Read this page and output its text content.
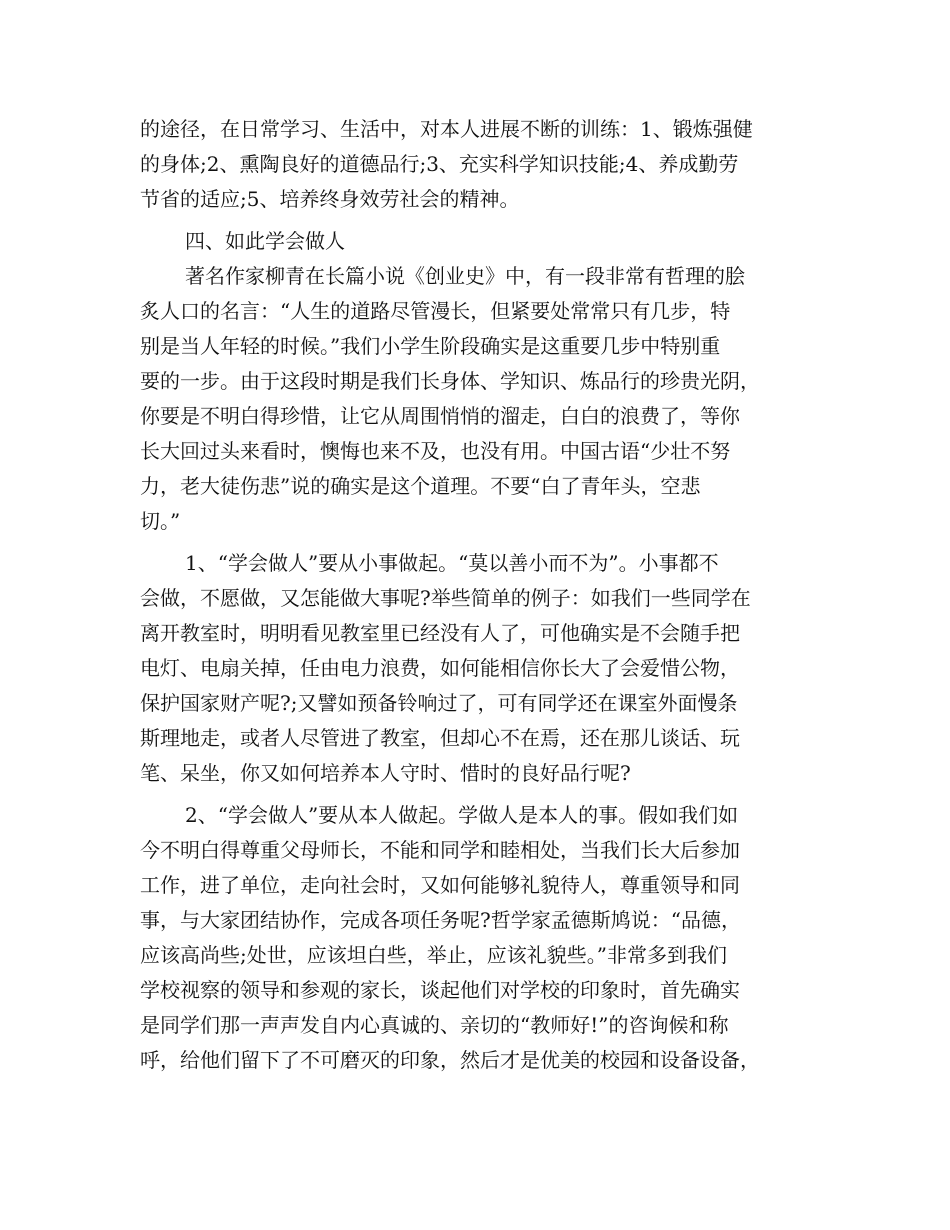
的途径，在日常学习、生活中，对本人进展不断的训练：1、锻炼强健

的身体;2、熏陶良好的道德品行;3、充实科学知识技能;4、养成勤劳

节省的适应;5、培养终身效劳社会的精神。

四、如此学会做人

著名作家柳青在长篇小说《创业史》中，有一段非常有哲理的脍

炙人口的名言：“人生的道路尽管漫长，但紧要处常常只有几步，特

别是当人年轻的时候。”我们小学生阶段确实是这重要几步中特别重

要的一步。由于这段时期是我们长身体、学知识、炼品行的珍贵光阴，

你要是不明白得珍惜，让它从周围悄悄的溜走，白白的浪费了，等你

长大回过头来看时，懊悔也来不及，也没有用。中国古语“少壮不努

力，老大徒伤悲”说的确实是这个道理。不要“白了青年头，空悲

切。”

1、“学会做人”要从小事做起。“莫以善小而不为”。小事都不

会做，不愿做，又怎能做大事呢?举些简单的例子：如我们一些同学在

离开教室时，明明看见教室里已经没有人了，可他确实是不会随手把

电灯、电扇关掉，任由电力浪费，如何能相信你长大了会爱惜公物，

保护国家财产呢?;又譬如预备铃响过了，可有同学还在课室外面慢条

斯理地走，或者人尽管进了教室，但却心不在焉，还在那儿谈话、玩

笔、呆坐，你又如何培养本人守时、惜时的良好品行呢?

2、“学会做人”要从本人做起。学做人是本人的事。假如我们如

今不明白得尊重父母师长，不能和同学和睦相处，当我们长大后参加

工作，进了单位，走向社会时，又如何能够礼貌待人，尊重领导和同

事，与大家团结协作，完成各项任务呢?哲学家孟德斯鸠说：“品德，

应该高尚些;处世，应该坦白些，举止，应该礼貌些。”非常多到我们

学校视察的领导和参观的家长，谈起他们对学校的印象时，首先确实

是同学们那一声声发自内心真诚的、亲切的“教师好!”的咨询候和称

呼，给他们留下了不可磨灭的印象，然后才是优美的校园和设备设备，
